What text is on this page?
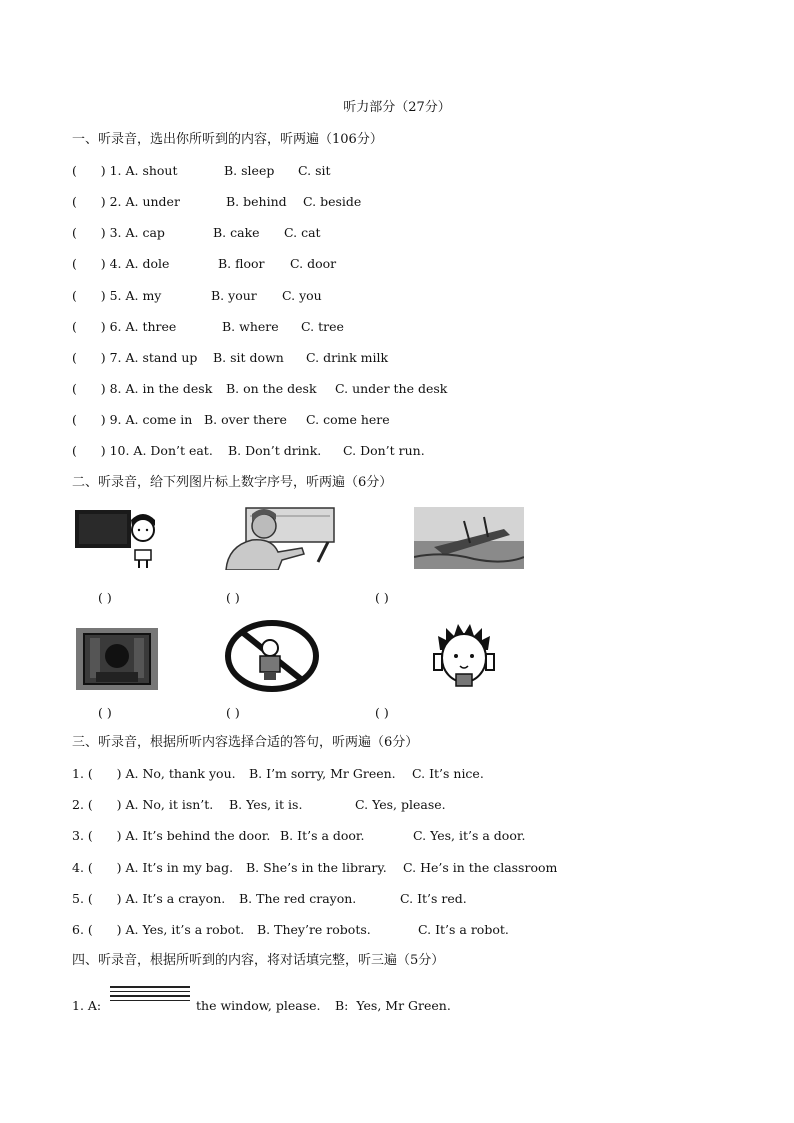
听力部分（27分）
一、听录音，选出你所听到的内容，听两遍（106分）
(      ) 1. A. shout	B. sleep C. sit
(      ) 2. A. under	B. behind C. beside
(      ) 3. A. cap	B. cake C. cat
(      ) 4. A. dole	B. floor C. door
(      ) 5. A. my	B. your C. you
(      ) 6. A. three	B. where C. tree
(      ) 7. A. stand up B. sit down C. drink milk
(      ) 8. A. in the desk B. on the desk C. under the desk
(      ) 9. A. come in B. over there C. come here
(      ) 10. A. Don’t eat. B. Don’t drink. C. Don’t run.
二、听录音，给下列图片标上数字序号，听两遍（6分）
( )	( )	( )
( )	( )	( )
三、听录音，根据所听内容选择合适的答句，听两遍（6分）
1. (      ) A. No, thank you. B. I’m sorry, Mr Green. C. It’s nice.
2. (      ) A. No, it isn’t. B. Yes, it is.	C. Yes, please.
3. (      ) A. It’s behind the door. B. It’s a door.	C. Yes, it’s a door.
4. (      ) A. It’s in my bag. B. She’s in the library. C. He’s in the classroom
5. (      ) A. It’s a crayon. B. The red crayon.	C. It’s red.
6. (      ) A. Yes, it’s a robot. B. They’re robots.	C. It’s a robot.
四、听录音，根据所听到的内容，将对话填完整，听三遍（5分）
1. A:	the window, please. B:  Yes, Mr Green.
